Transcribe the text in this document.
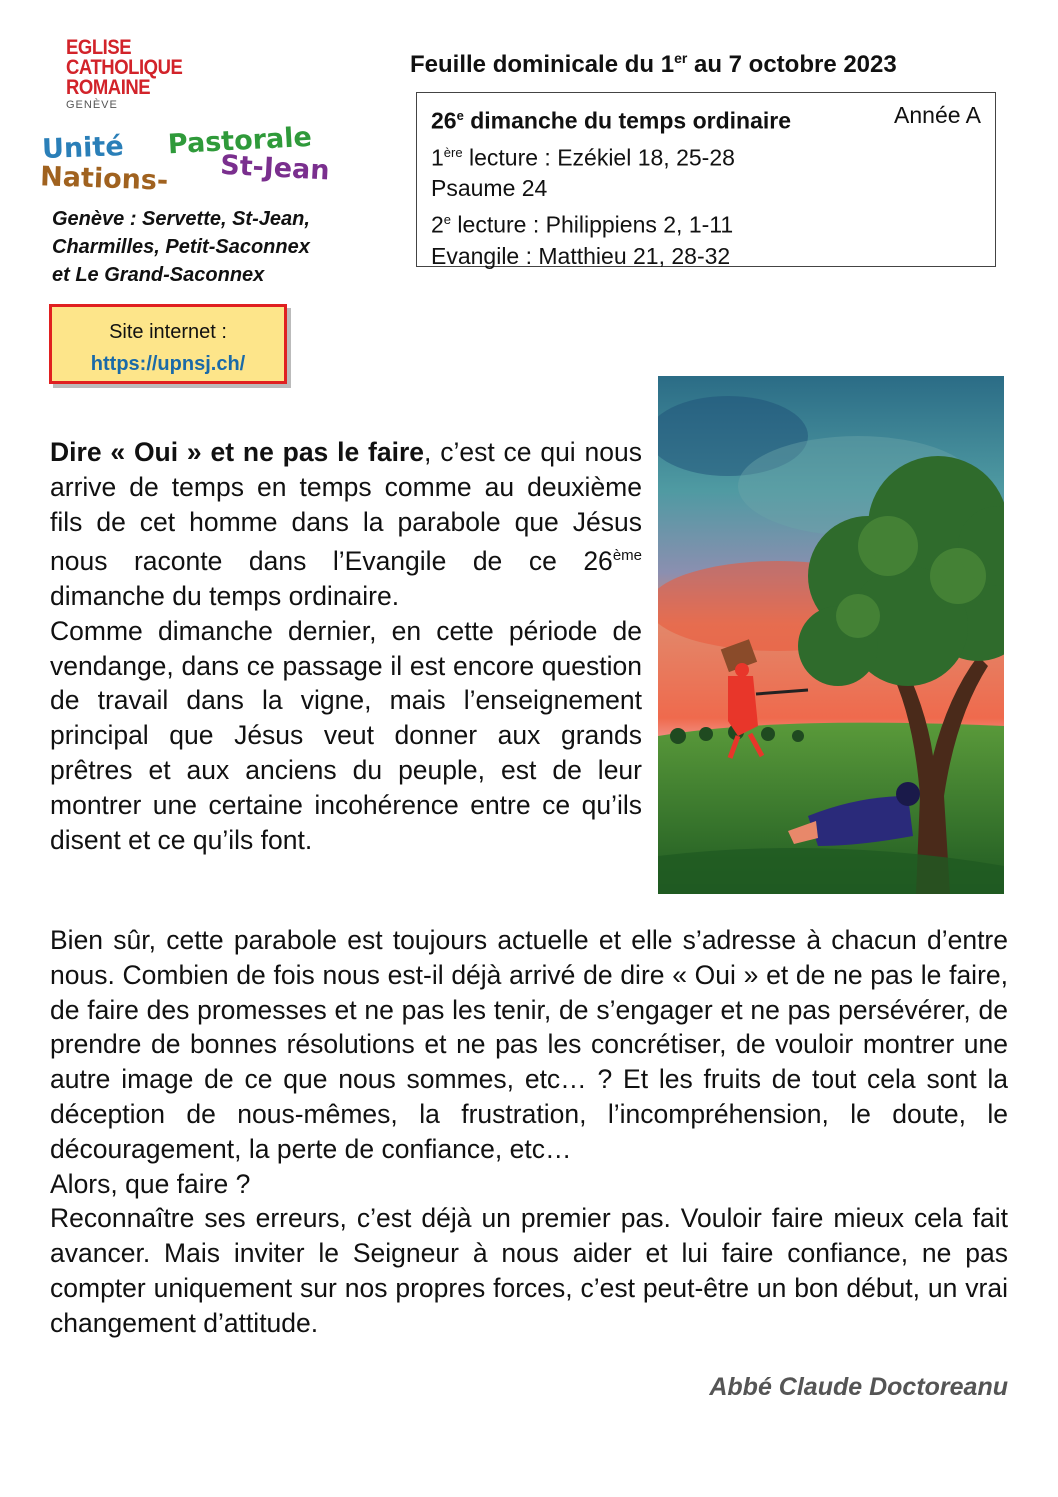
EGLISE
CATHOLIQUE
ROMAINE
GENÈVE
Unité Pastorale
Nations- St-Jean
Genève : Servette, St-Jean,
Charmilles, Petit-Saconnex
et Le Grand-Saconnex
Site internet :
https://upnsj.ch/
Feuille dominicale du 1er au 7 octobre 2023
26e dimanche du temps ordinaire	Année A
1ère lecture : Ezékiel 18, 25-28
Psaume 24
2e lecture : Philippiens 2, 1-11
Evangile : Matthieu 21, 28-32

Dire « Oui » et ne pas le faire, c’est ce qui nous arrive de temps en temps comme au deuxième fils de cet homme dans la parabole que Jésus nous raconte dans l’Evangile de ce 26ème dimanche du temps ordinaire.

Comme dimanche dernier, en cette période de vendange, dans ce passage il est encore question de travail dans la vigne, mais l’enseignement principal que Jésus veut donner aux grands prêtres et aux anciens du peuple, est de leur montrer une certaine incohérence entre ce qu’ils disent et ce qu’ils font.

Bien sûr, cette parabole est toujours actuelle et elle s’adresse à chacun d’entre nous. Combien de fois nous est-il déjà arrivé de dire « Oui » et de ne pas le faire, de faire des promesses et ne pas les tenir, de s’engager et ne pas persévérer, de prendre de bonnes résolutions et ne pas les concrétiser, de vouloir montrer une autre image de ce que nous sommes, etc… ? Et les fruits de tout cela sont la déception de nous-mêmes, la frustration, l’incompréhension, le doute, le découragement, la perte de confiance, etc…

Alors, que faire ?

Reconnaître ses erreurs, c’est déjà un premier pas. Vouloir faire mieux cela fait avancer. Mais inviter le Seigneur à nous aider et lui faire confiance, ne pas compter uniquement sur nos propres forces, c’est peut-être un bon début, un vrai changement d’attitude.

Abbé Claude Doctoreanu
